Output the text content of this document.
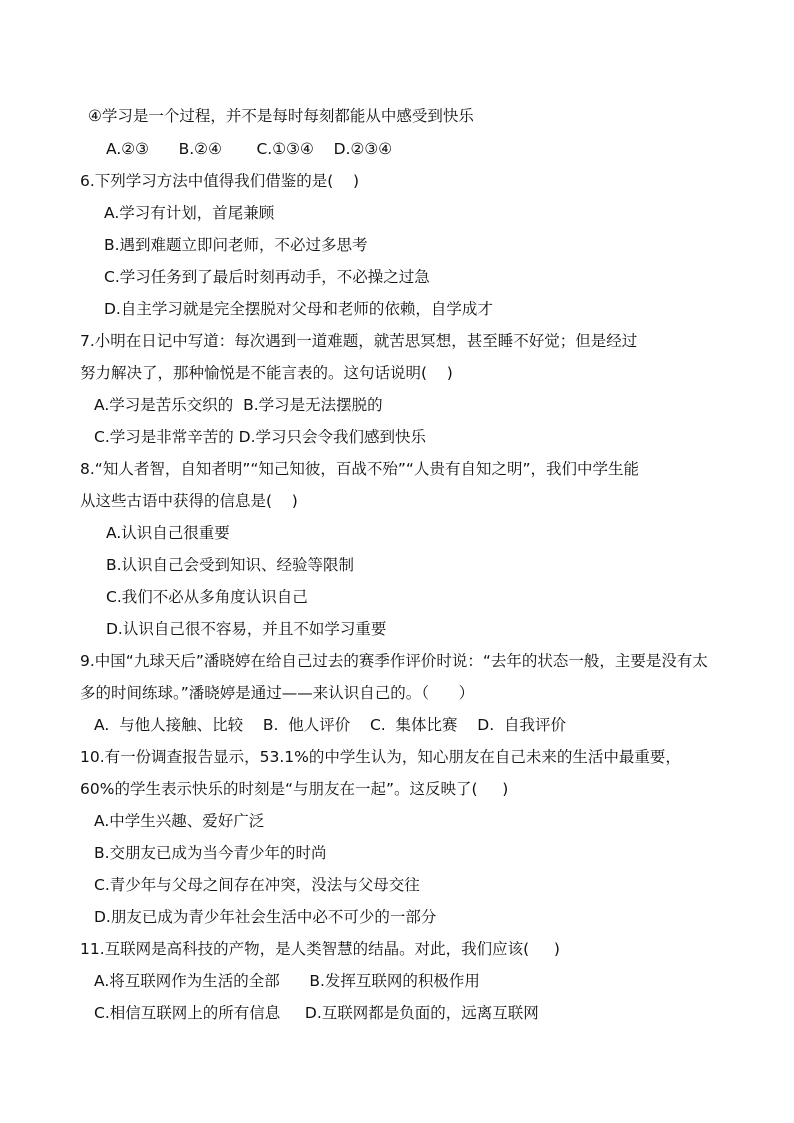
④学习是一个过程，并不是每时每刻都能从中感受到快乐
A.②③      B.②④       C.①③④    D.②③④
6.下列学习方法中值得我们借鉴的是(    )
A.学习有计划，首尾兼顾
B.遇到难题立即问老师，不必过多思考
C.学习任务到了最后时刻再动手，不必操之过急
D.自主学习就是完全摆脱对父母和老师的依赖，自学成才
7.小明在日记中写道：每次遇到一道难题，就苦思冥想，甚至睡不好觉；但是经过
努力解决了，那种愉悦是不能言表的。这句话说明(    )
A.学习是苦乐交织的  B.学习是无法摆脱的
C.学习是非常辛苦的 D.学习只会令我们感到快乐
8.“知人者智，自知者明”“知己知彼，百战不殆”“人贵有自知之明”，我们中学生能
从这些古语中获得的信息是(    )
A.认识自己很重要
B.认识自己会受到知识、经验等限制
C.我们不必从多角度认识自己
D.认识自己很不容易，并且不如学习重要
9.中国“九球天后”潘晓婷在给自己过去的赛季作评价时说：“去年的状态一般，主要是没有太
多的时间练球。”潘晓婷是通过——来认识自己的。（      ）
A.  与他人接触、比较    B.  他人评价    C.  集体比赛    D.  自我评价
10.有一份调查报告显示，53.1%的中学生认为，知心朋友在自己未来的生活中最重要，
60%的学生表示快乐的时刻是“与朋友在一起”。这反映了(     )
A.中学生兴趣、爱好广泛
B.交朋友已成为当今青少年的时尚
C.青少年与父母之间存在冲突，没法与父母交往
D.朋友已成为青少年社会生活中必不可少的一部分
11.互联网是高科技的产物，是人类智慧的结晶。对此，我们应该(     )
A.将互联网作为生活的全部      B.发挥互联网的积极作用
C.相信互联网上的所有信息     D.互联网都是负面的，远离互联网
